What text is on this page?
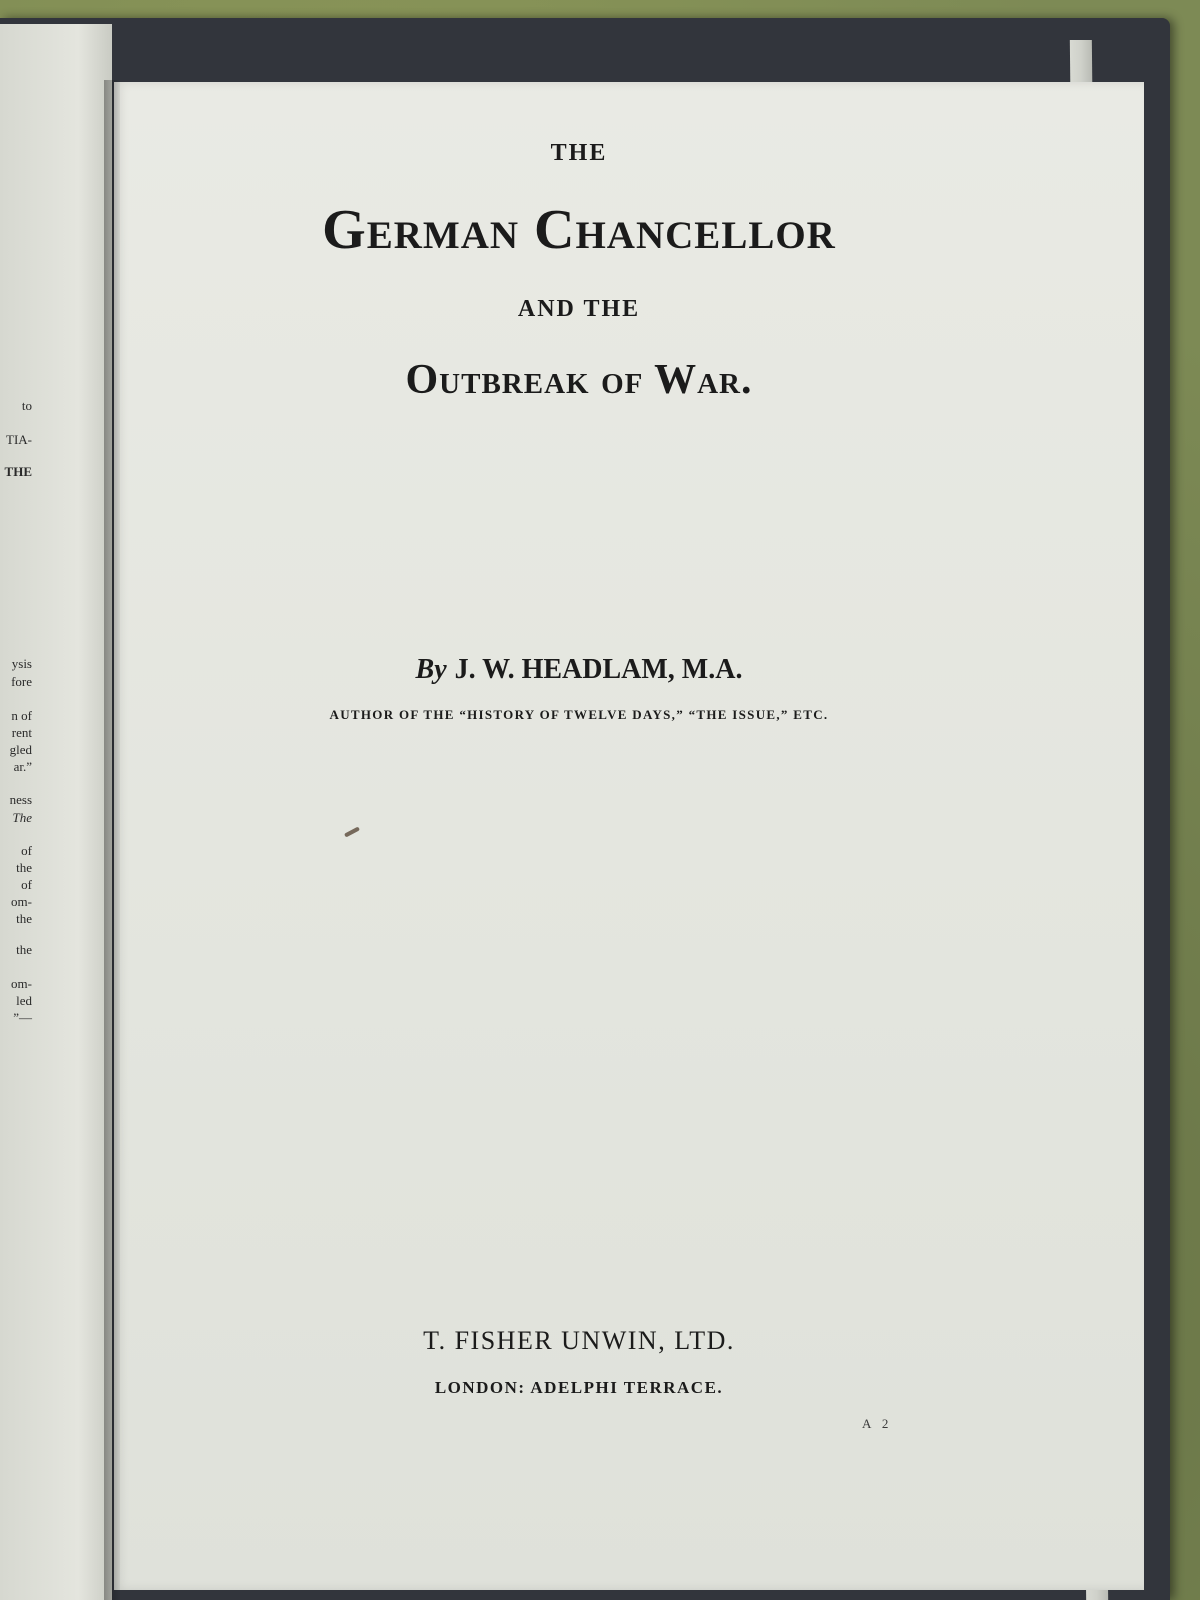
to
TIA-
THE
ysis
fore
n of
rent
gled
ar.”
ness
The
of
the
of
om-
the
the
om-
led
”—
THE
German Chancellor
AND THE
Outbreak of War.
By J. W. HEADLAM, M.A.
AUTHOR OF THE “HISTORY OF TWELVE DAYS,” “THE ISSUE,” ETC.
T. FISHER UNWIN, LTD.
LONDON: ADELPHI TERRACE.
A 2
